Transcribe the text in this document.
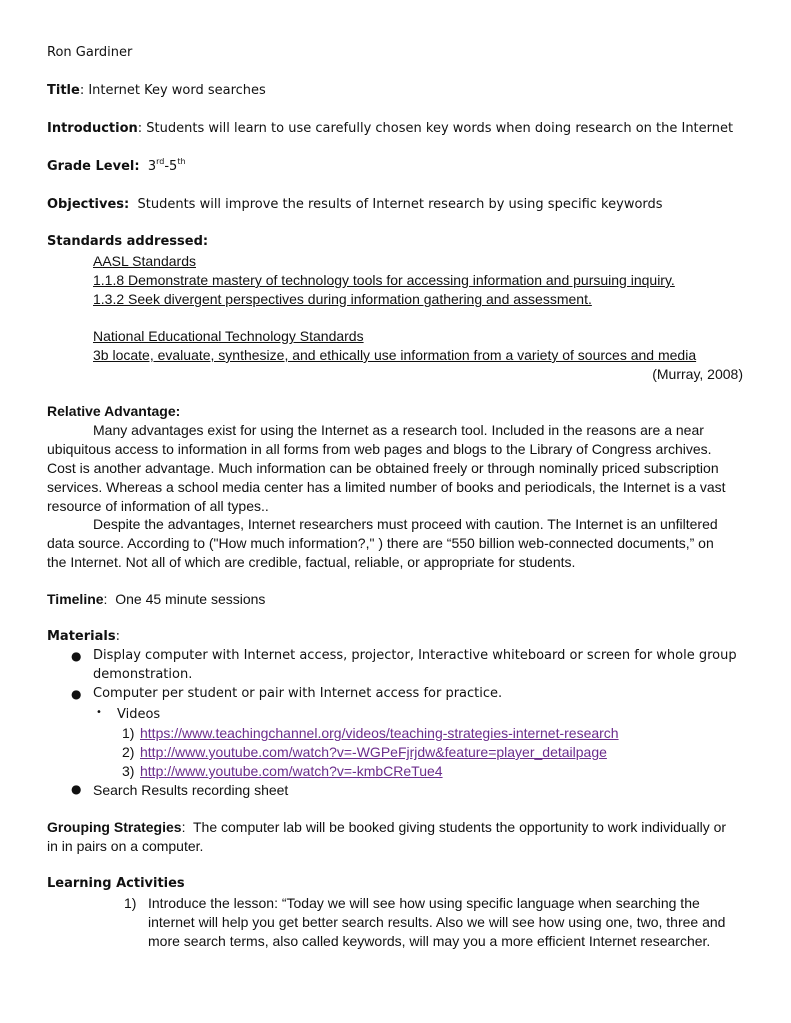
Ron Gardiner
Title: Internet Key word searches
Introduction: Students will learn to use carefully chosen key words when doing research on the Internet
Grade Level: 3rd-5th
Objectives: Students will improve the results of Internet research by using specific keywords
Standards addressed:
AASL Standards
1.1.8 Demonstrate mastery of technology tools for accessing information and pursuing inquiry.
1.3.2 Seek divergent perspectives during information gathering and assessment.
National Educational Technology Standards
3b locate, evaluate, synthesize, and ethically use information from a variety of sources and media
(Murray, 2008)
Relative Advantage:
Many advantages exist for using the Internet as a research tool. Included in the reasons are a near
ubiquitous access to information in all forms from web pages and blogs to the Library of Congress archives.
Cost is another advantage. Much information can be obtained freely or through nominally priced subscription
services. Whereas a school media center has a limited number of books and periodicals, the Internet is a vast
resource of information of all types..
Despite the advantages, Internet researchers must proceed with caution. The Internet is an unfiltered
data source. According to ("How much information?," ) there are “550 billion web-connected documents,” on
the Internet. Not all of which are credible, factual, reliable, or appropriate for students.
Timeline:  One 45 minute sessions
Materials:
● Display computer with Internet access, projector, Interactive whiteboard or screen for whole group
demonstration.
● Computer per student or pair with Internet access for practice.
• Videos
1) https://www.teachingchannel.org/videos/teaching-strategies-internet-research
2) http://www.youtube.com/watch?v=-WGPeFjrjdw&feature=player_detailpage
3) http://www.youtube.com/watch?v=-kmbCReTue4
● Search Results recording sheet
Grouping Strategies:  The computer lab will be booked giving students the opportunity to work individually or
in in pairs on a computer.
Learning Activities
1) Introduce the lesson: “Today we will see how using specific language when searching the
internet will help you get better search results. Also we will see how using one, two, three and
more search terms, also called keywords, will may you a more efficient Internet researcher.
